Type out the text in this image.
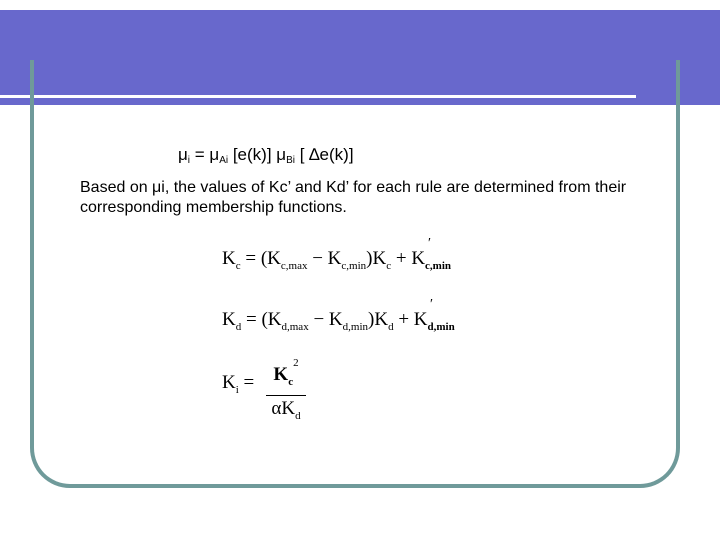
$\mu_i = \mu_{Ai}$ [e(k)] $\mu_{Bi}$ [ ∆e(k)]
Based on μi, the values of Kc’ and Kd’ for each rule are determined from their corresponding membership functions.
$K_c = (K_{c,max} - K_{c,min})K_c + K_{c,min}$
′
$K_d = (K_{d,max} - K_{d,min})K_d + K_{d,min}$
′
$K_i$ =	$K_c^2$
$\alpha K_d$
